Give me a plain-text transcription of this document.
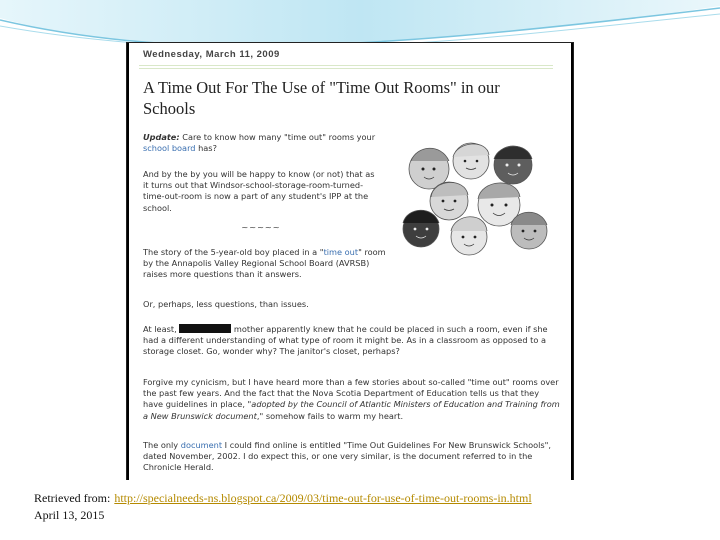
Wednesday, March 11, 2009
A Time Out For The Use of "Time Out Rooms" in our
Schools

Update: Care to know how many "time out" rooms your
school board has?

And by the by you will be happy to know (or not) that as it turns out that Windsor-school-storage-room-turned-time-out-room is now a part of any student's IPP at the school.
~~~~~

The story of the 5-year-old boy placed in a "time out" room by the Annapolis Valley Regional School Board (AVRSB) raises more questions than it answers.

Or, perhaps, less questions, than issues.

At least,	mother apparently knew that he could be placed in such a room, even if she had a different understanding of what type of room it might be. As in a classroom as opposed to a storage closet. Go, wonder why? The janitor's closet, perhaps?

Forgive my cynicism, but I have heard more than a few stories about so-called "time out" rooms over the past few years. And the fact that the Nova Scotia Department of Education tells us that they have guidelines in place, "adopted by the Council of Atlantic Ministers of Education and Training from a New Brunswick document," somehow fails to warm my heart.

The only document I could find online is entitled "Time Out Guidelines For New Brunswick Schools", dated November, 2002. I do expect this, or one very similar, is the document referred to in the Chronicle Herald.

Retrieved from: http://specialneeds-ns.blogspot.ca/2009/03/time-out-for-use-of-time-out-rooms-in.html
April 13, 2015
